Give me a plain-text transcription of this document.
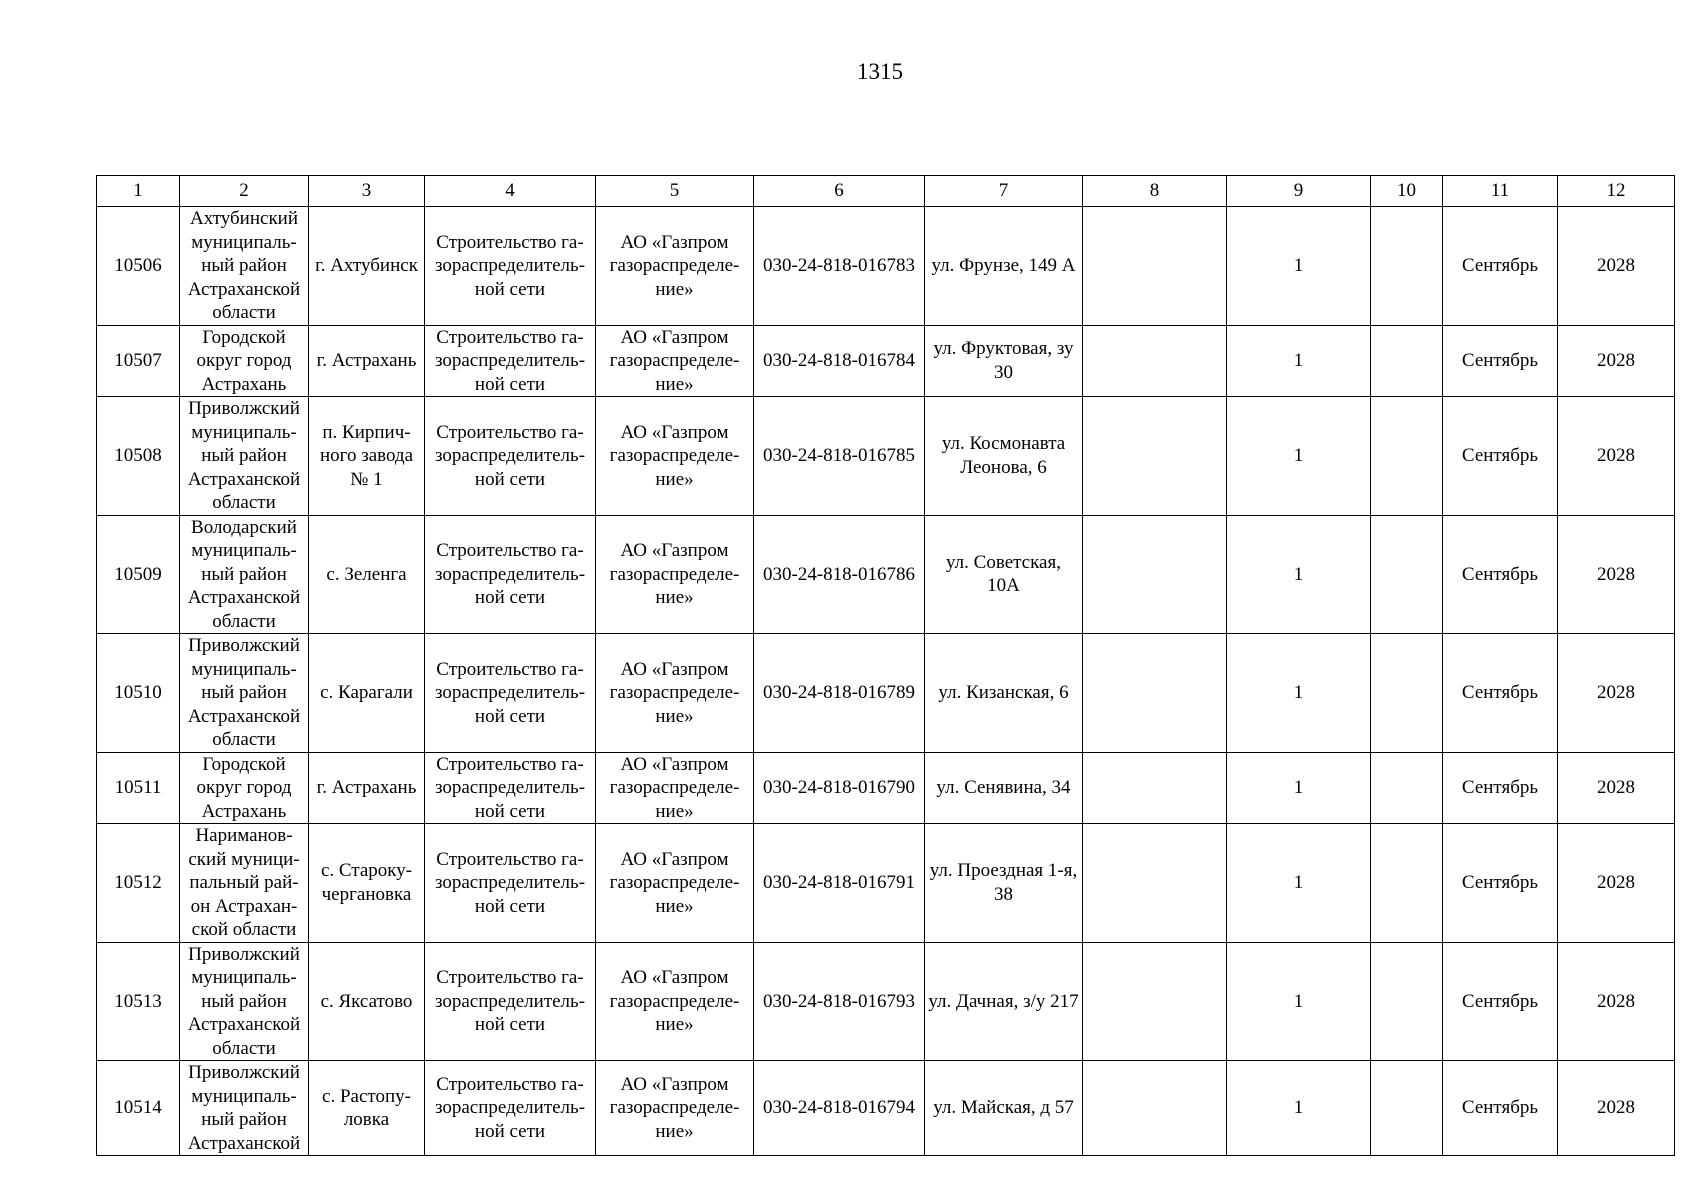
1315
1	2	3	4	5	6	7	8	9	10	11	12
10506	Ахтубинский муниципаль- ный район Астраханской области	г. Ахтубинск	Строительство га- зораспределитель- ной сети	АО «Газпром газораспределе- ние»	030-24-818-016783	ул. Фрунзе, 149 А		1		Сентябрь	2028
10507	Городской округ город Астрахань	г. Астрахань	Строительство га- зораспределитель- ной сети	АО «Газпром газораспределе- ние»	030-24-818-016784	ул. Фруктовая, зу 30		1		Сентябрь	2028
10508	Приволжский муниципаль- ный район Астраханской области	п. Кирпич- ного завода № 1	Строительство га- зораспределитель- ной сети	АО «Газпром газораспределе- ние»	030-24-818-016785	ул. Космонавта Леонова, 6		1		Сентябрь	2028
10509	Володарский муниципаль- ный район Астраханской области	с. Зеленга	Строительство га- зораспределитель- ной сети	АО «Газпром газораспределе- ние»	030-24-818-016786	ул. Советская, 10А		1		Сентябрь	2028
10510	Приволжский муниципаль- ный район Астраханской области	с. Карагали	Строительство га- зораспределитель- ной сети	АО «Газпром газораспределе- ние»	030-24-818-016789	ул. Кизанская, 6		1		Сентябрь	2028
10511	Городской округ город Астрахань	г. Астрахань	Строительство га- зораспределитель- ной сети	АО «Газпром газораспределе- ние»	030-24-818-016790	ул. Сенявина, 34		1		Сентябрь	2028
10512	Нариманов- ский муници- пальный рай- он Астрахан- ской области	с. Староку- чергановка	Строительство га- зораспределитель- ной сети	АО «Газпром газораспределе- ние»	030-24-818-016791	ул. Проездная 1-я, 38		1		Сентябрь	2028
10513	Приволжский муниципаль- ный район Астраханской области	с. Яксатово	Строительство га- зораспределитель- ной сети	АО «Газпром газораспределе- ние»	030-24-818-016793	ул. Дачная, з/у 217		1		Сентябрь	2028
10514	Приволжский муниципаль- ный район Астраханской	с. Растопу- ловка	Строительство га- зораспределитель- ной сети	АО «Газпром газораспределе- ние»	030-24-818-016794	ул. Майская, д 57		1		Сентябрь	2028
